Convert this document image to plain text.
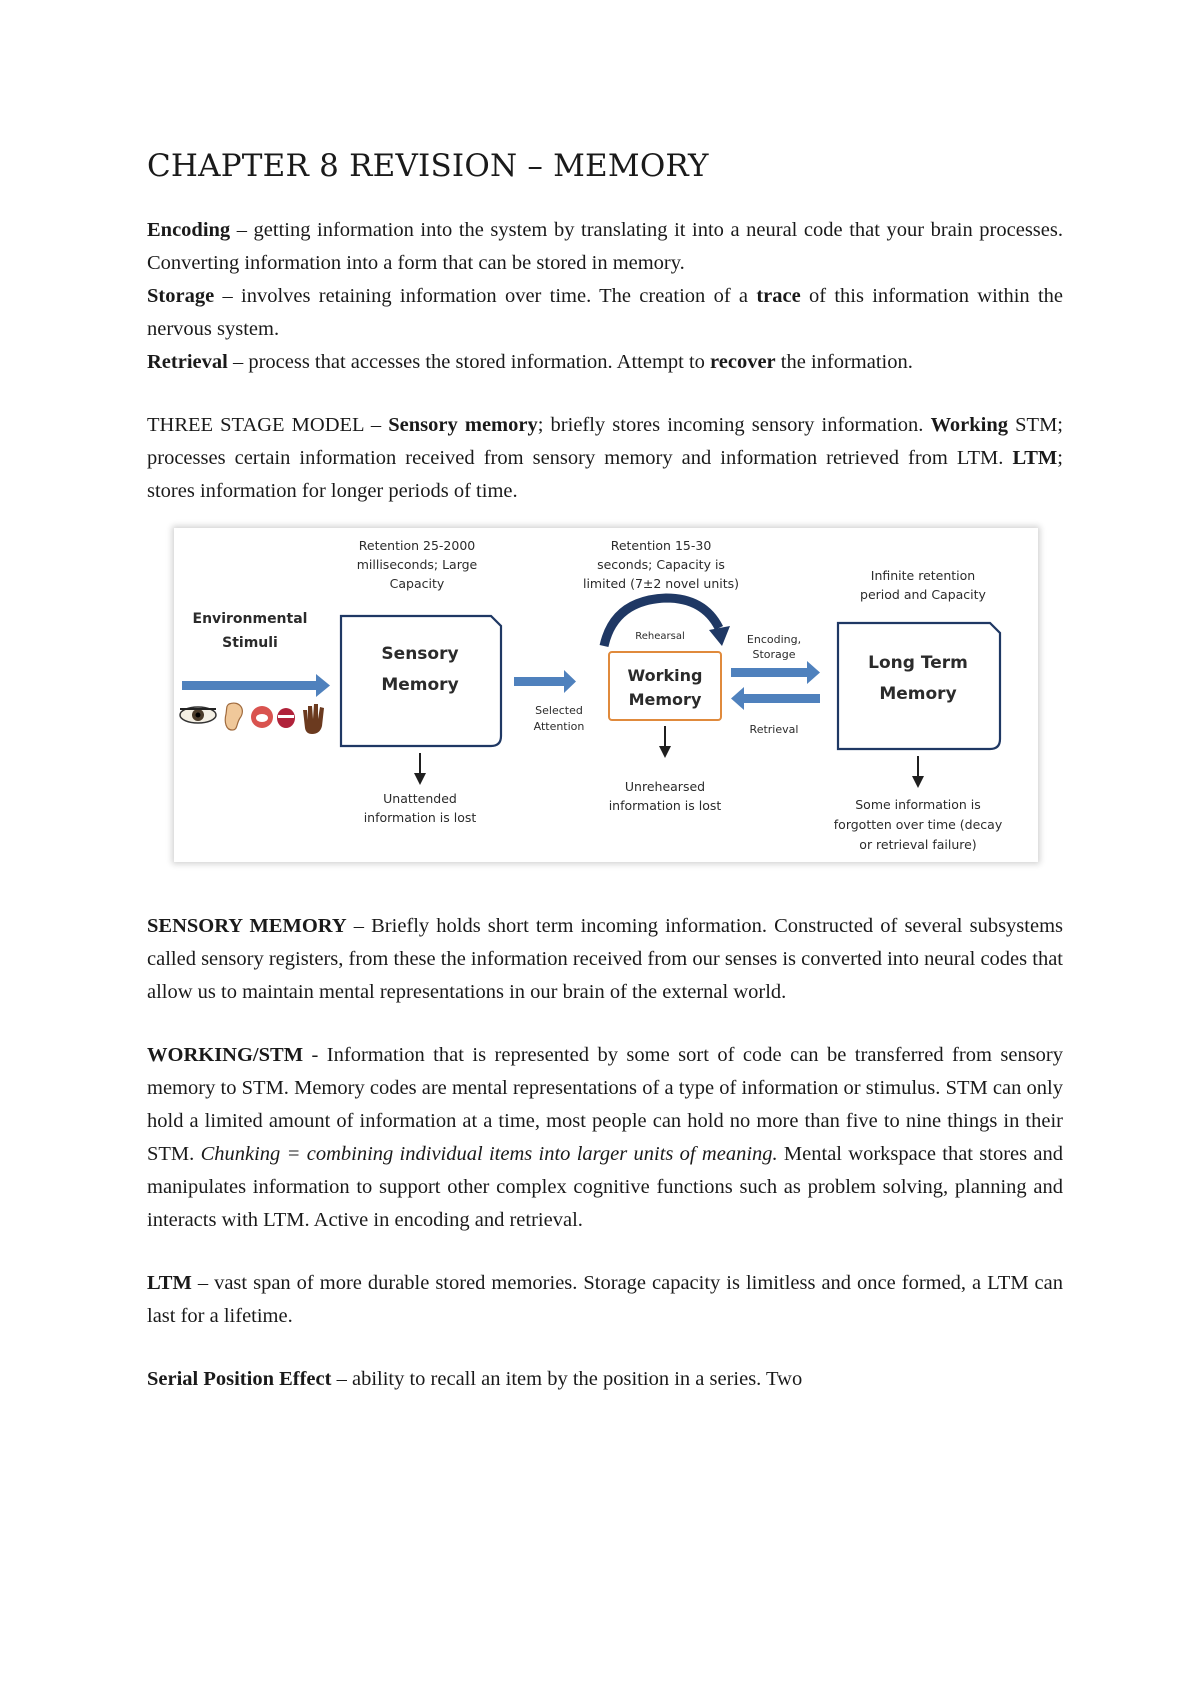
CHAPTER 8 REVISION – MEMORY

Encoding – getting information into the system by translating it into a neural code that your brain processes. Converting information into a form that can be stored in memory.

Storage – involves retaining information over time. The creation of a trace of this information within the nervous system.

Retrieval – process that accesses the stored information. Attempt to recover the information.

THREE STAGE MODEL – Sensory memory; briefly stores incoming sensory information. Working STM; processes certain information received from sensory memory and information retrieved from LTM. LTM; stores information for longer periods of time.

Environmental
Stimuli
Retention 25-2000
milliseconds; Large
Capacity
Sensory
Memory
Unattended
information is lost
Selected
Attention
Retention 15-30
seconds; Capacity is
limited (7±2 novel units)
Rehearsal
Working
Memory
Unrehearsed
information is lost
Encoding,
Storage
Retrieval
Infinite retention
period and Capacity
Long Term
Memory
Some information is
forgotten over time (decay
or retrieval failure)

SENSORY MEMORY – Briefly holds short term incoming information. Constructed of several subsystems called sensory registers, from these the information received from our senses is converted into neural codes that allow us to maintain mental representations in our brain of the external world.

WORKING/STM - Information that is represented by some sort of code can be transferred from sensory memory to STM. Memory codes are mental representations of a type of information or stimulus. STM can only hold a limited amount of information at a time, most people can hold no more than five to nine things in their STM. Chunking = combining individual items into larger units of meaning. Mental workspace that stores and manipulates information to support other complex cognitive functions such as problem solving, planning and interacts with LTM. Active in encoding and retrieval.

LTM – vast span of more durable stored memories. Storage capacity is limitless and once formed, a LTM can last for a lifetime.

Serial Position Effect – ability to recall an item by the position in a series. Two
